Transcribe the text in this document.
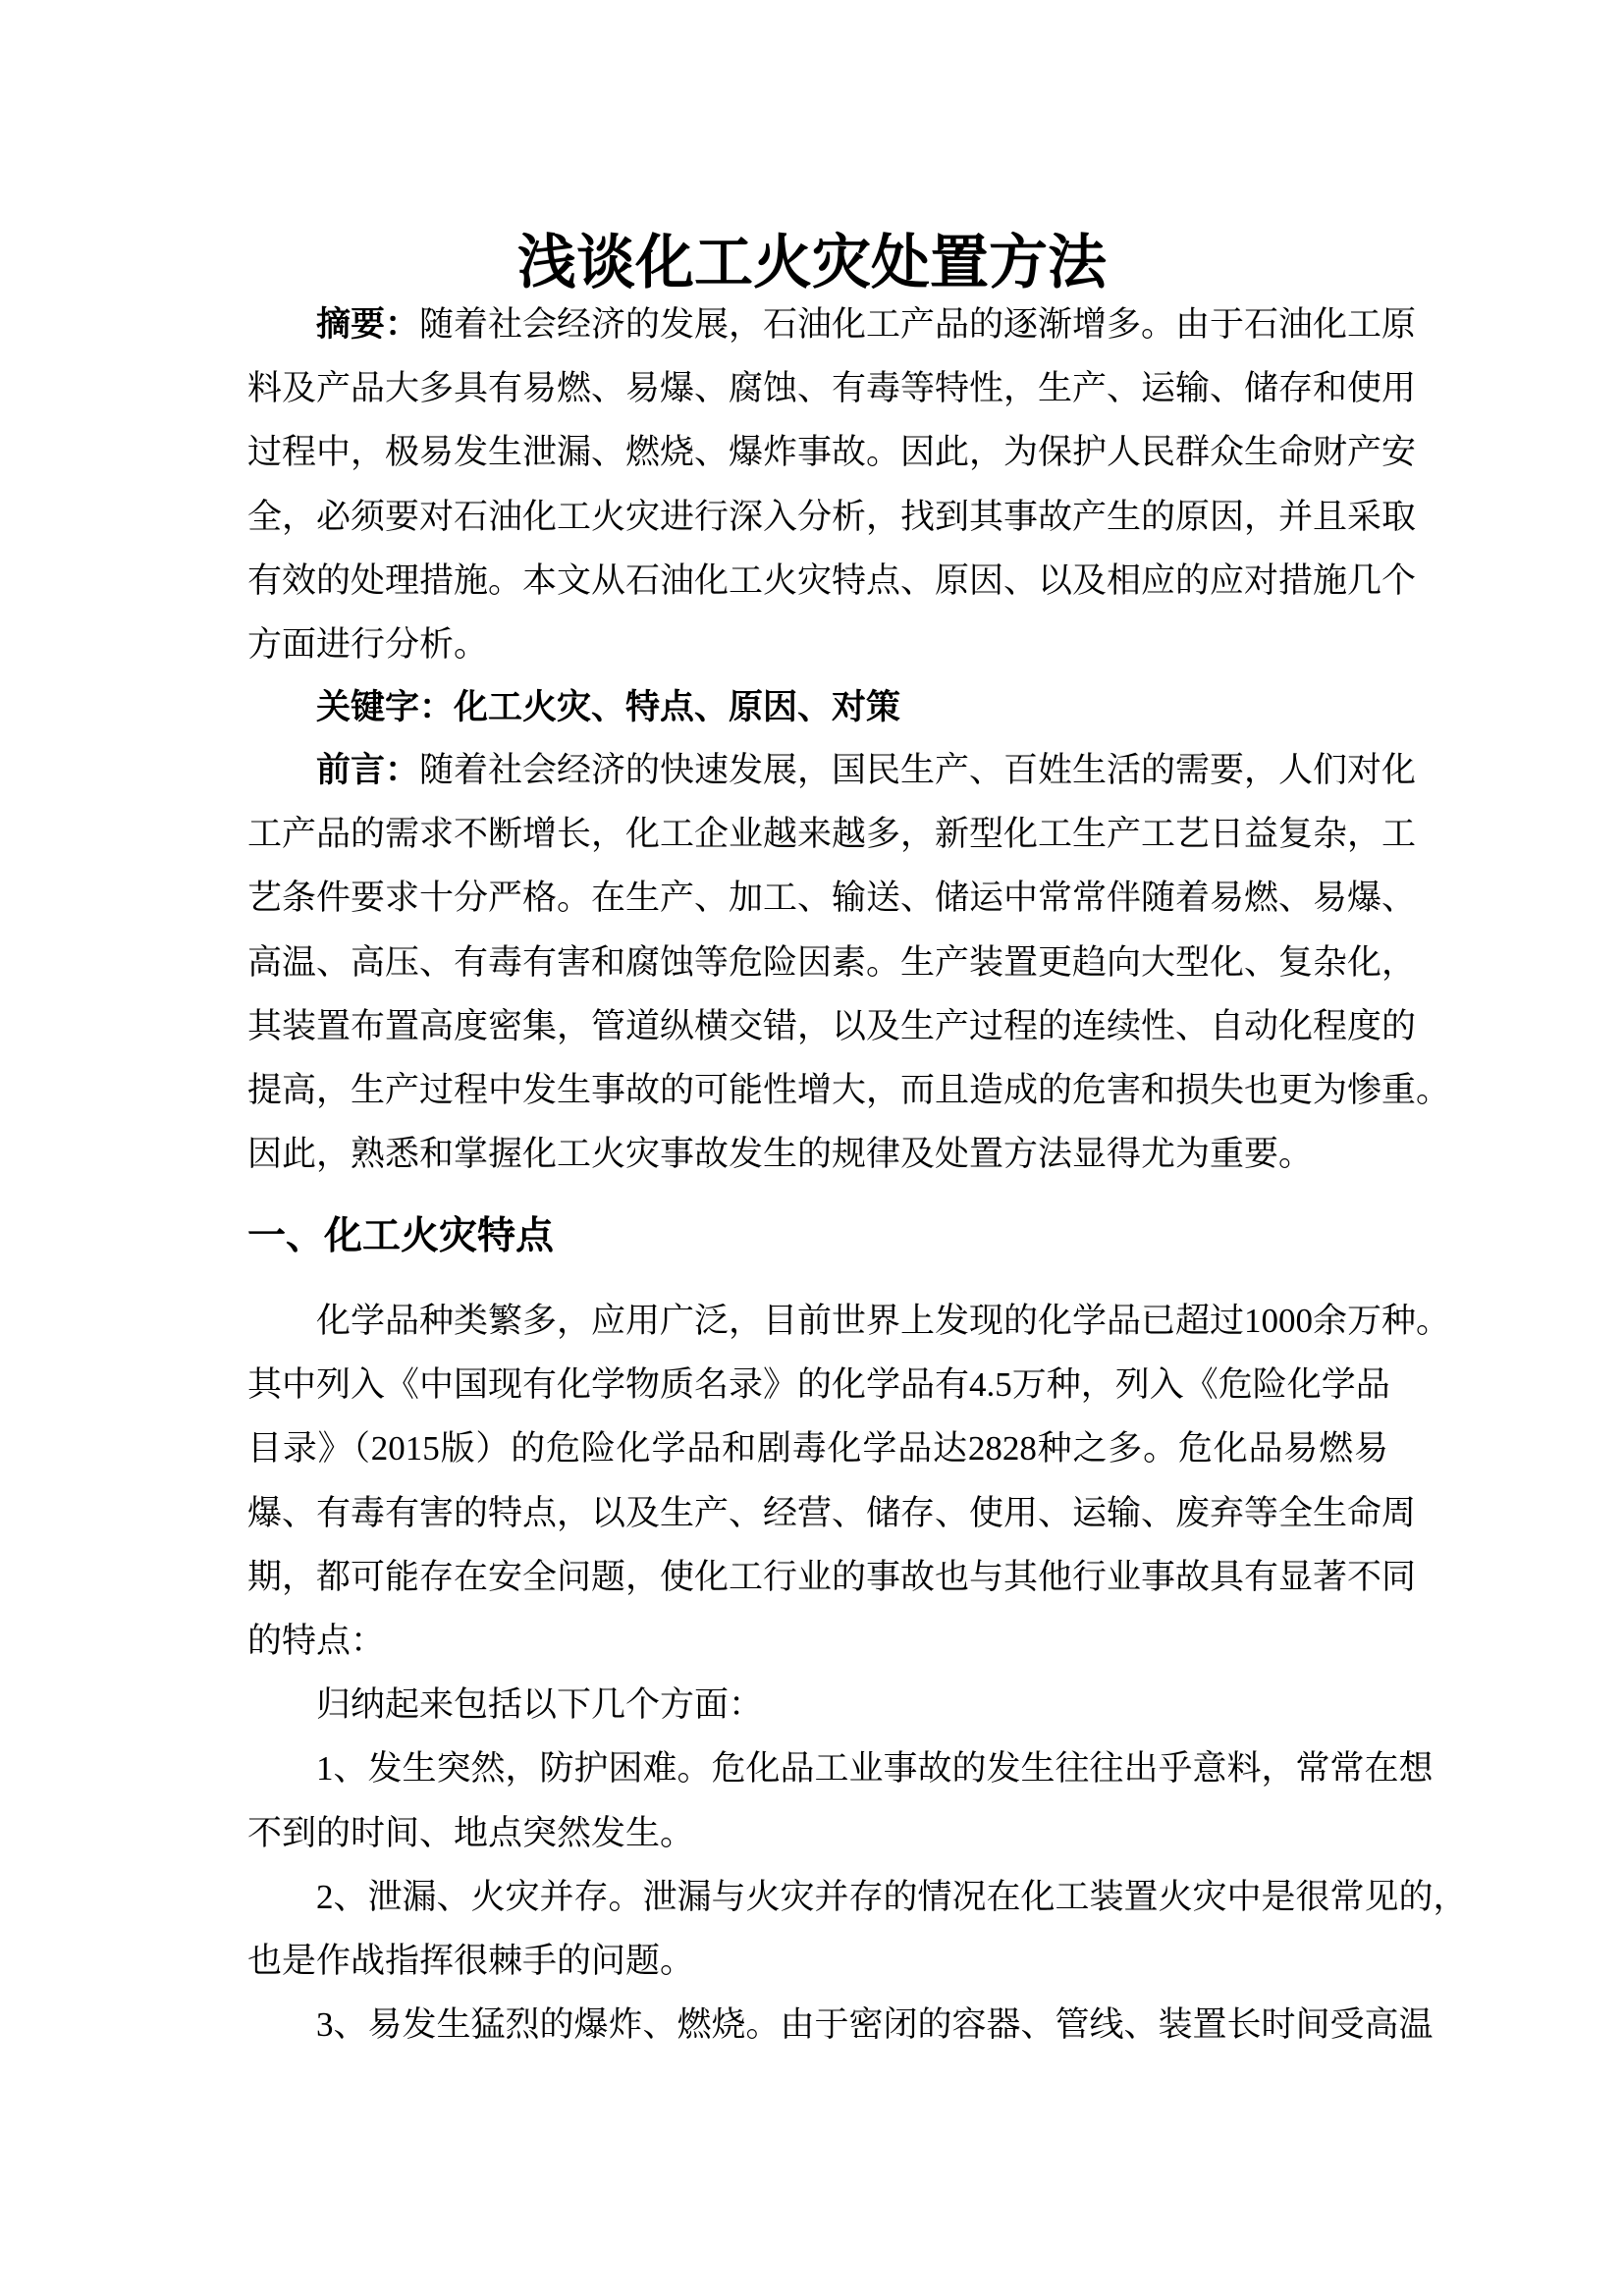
浅谈化工火灾处置方法
摘要：随着社会经济的发展，石油化工产品的逐渐增多。由于石油化工原
料及产品大多具有易燃、易爆、腐蚀、有毒等特性，生产、运输、储存和使用
过程中，极易发生泄漏、燃烧、爆炸事故。因此，为保护人民群众生命财产安
全，必须要对石油化工火灾进行深入分析，找到其事故产生的原因，并且采取
有效的处理措施。本文从石油化工火灾特点、原因、以及相应的应对措施几个
方面进行分析。
关键字：化工火灾、特点、原因、对策
前言：随着社会经济的快速发展，国民生产、百姓生活的需要，人们对化
工产品的需求不断增长，化工企业越来越多，新型化工生产工艺日益复杂，工
艺条件要求十分严格。在生产、加工、输送、储运中常常伴随着易燃、易爆、
高温、高压、有毒有害和腐蚀等危险因素。生产装置更趋向大型化、复杂化，
其装置布置高度密集，管道纵横交错，以及生产过程的连续性、自动化程度的
提高，生产过程中发生事故的可能性增大，而且造成的危害和损失也更为惨重。
因此，熟悉和掌握化工火灾事故发生的规律及处置方法显得尤为重要。
一、化工火灾特点
化学品种类繁多，应用广泛，目前世界上发现的化学品已超过1000余万种。
其中列入《中国现有化学物质名录》的化学品有4.5万种，列入《危险化学品
目录》（2015版）的危险化学品和剧毒化学品达2828种之多。危化品易燃易
爆、有毒有害的特点，以及生产、经营、储存、使用、运输、废弃等全生命周
期，都可能存在安全问题，使化工行业的事故也与其他行业事故具有显著不同
的特点：
归纳起来包括以下几个方面：
1、发生突然，防护困难。危化品工业事故的发生往往出乎意料，常常在想
不到的时间、地点突然发生。
2、泄漏、火灾并存。泄漏与火灾并存的情况在化工装置火灾中是很常见的，
也是作战指挥很棘手的问题。
3、易发生猛烈的爆炸、燃烧。由于密闭的容器、管线、装置长时间受高温
